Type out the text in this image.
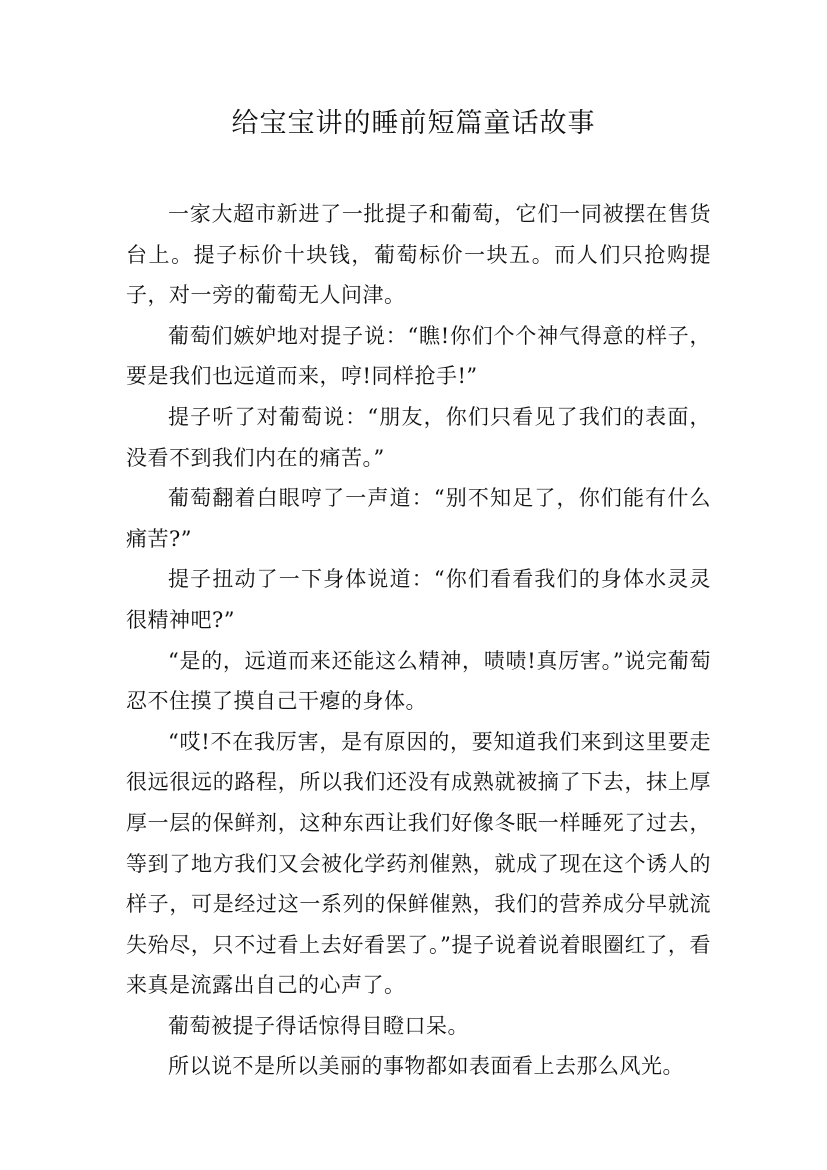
给宝宝讲的睡前短篇童话故事

一家大超市新进了一批提子和葡萄，它们一同被摆在售货台上。提子标价十块钱，葡萄标价一块五。而人们只抢购提子，对一旁的葡萄无人问津。

葡萄们嫉妒地对提子说：“瞧!你们个个神气得意的样子，要是我们也远道而来，哼!同样抢手!”

提子听了对葡萄说：“朋友，你们只看见了我们的表面，没看不到我们内在的痛苦。”

葡萄翻着白眼哼了一声道：“别不知足了，你们能有什么痛苦?”

提子扭动了一下身体说道：“你们看看我们的身体水灵灵很精神吧?”

“是的，远道而来还能这么精神，啧啧!真厉害。”说完葡萄忍不住摸了摸自己干瘪的身体。

“哎!不在我厉害，是有原因的，要知道我们来到这里要走很远很远的路程，所以我们还没有成熟就被摘了下去，抹上厚厚一层的保鲜剂，这种东西让我们好像冬眠一样睡死了过去，等到了地方我们又会被化学药剂催熟，就成了现在这个诱人的样子，可是经过这一系列的保鲜催熟，我们的营养成分早就流失殆尽，只不过看上去好看罢了。”提子说着说着眼圈红了，看来真是流露出自己的心声了。

葡萄被提子得话惊得目瞪口呆。

所以说不是所以美丽的事物都如表面看上去那么风光。
